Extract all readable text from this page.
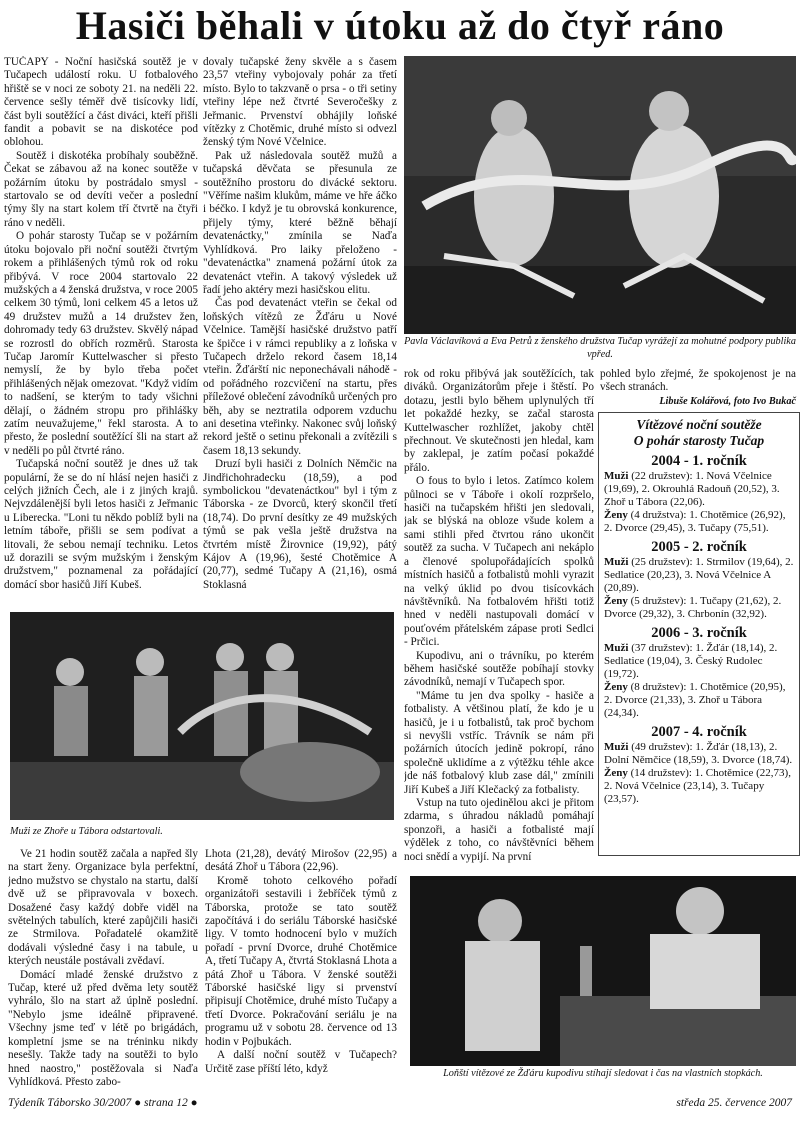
Hasiči běhali v útoku až do čtyř ráno

TUČAPY - Noční hasičská soutěž je v Tučapech událostí roku. U fotbalového hřiště se v noci ze soboty 21. na neděli 22. července sešly téměř dvě tisícovky lidí, část byli soutěžící a část diváci, kteří přišli fandit a pobavit se na diskotéce pod oblohou.

Soutěž i diskotéka probíhaly souběžně. Čekat se zábavou až na konec soutěže v požárním útoku by postrádalo smysl - startovalo se od devíti večer a poslední týmy šly na start kolem tří čtvrtě na čtyři ráno v neděli.

O pohár starosty Tučap se v požárním útoku bojovalo při noční soutěži čtvrtým rokem a přihlášených týmů rok od roku přibývá. V roce 2004 startovalo 22 mužských a 4 ženská družstva, v roce 2005 celkem 30 týmů, loni celkem 45 a letos už 49 družstev mužů a 14 družstev žen, dohromady tedy 63 družstev. Skvělý nápad se rozrostl do obřích rozměrů. Starosta Tučap Jaromír Kuttelwascher si přesto nemyslí, že by bylo třeba počet přihlášených nějak omezovat. "Když vidím to nadšení, se kterým to tady všichni dělají, o žádném stropu pro přihlášky zatím neuvažujeme," řekl starosta. A to přesto, že poslední soutěžící šli na start až v neděli po půl čtvrté ráno.

Tučapská noční soutěž je dnes už tak populární, že se do ní hlásí nejen hasiči z celých jižních Čech, ale i z jiných krajů. Nejvzdálenější byli letos hasiči z Jeřmanic u Liberecka. "Loni tu někdo poblíž byli na letním táboře, přišli se sem podívat a litovali, že sebou nemají techniku. Letos už dorazili se svým mužským i ženským družstvem," poznamenal za pořádající domácí sbor hasičů Jiří Kubeš.

dovaly tučapské ženy skvěle a s časem 23,57 vteřiny vybojovaly pohár za třetí místo. Bylo to takzvaně o prsa - o tři setiny vteřiny lépe než čtvrté Severočešky z Jeřmanic. Prvenství obhájily loňské vítězky z Chotěmic, druhé místo si odvezl ženský tým Nové Včelnice.

Pak už následovala soutěž mužů a tučapská děvčata se přesunula ze soutěžního prostoru do divácké sektoru. "Věříme našim klukům, máme ve hře áčko i béčko. I když je tu obrovská konkurence, přijely týmy, které běžně běhají devatenáctky," zmínila se Naďa Vyhlídková. Pro laiky přeloženo - "devatenáctka" znamená požární útok za devatenáct vteřin. A takový výsledek už řadí jeho aktéry mezi hasičskou elitu.

Čas pod devatenáct vteřin se čekal od loňských vítězů ze Žďáru u Nové Včelnice. Tamější hasičské družstvo patří ke špičce i v rámci republiky a z loňska v Tučapech drželo rekord časem 18,14 vteřin. Žďárští nic neponechávali náhodě - od pořádného rozcvičení na startu, přes příležové oblečení závodníků určených pro běh, aby se neztratila odporem vzduchu ani desetina vteřinky. Nakonec svůj loňský rekord ještě o setinu překonali a zvítězili s časem 18,13 sekundy.

Druzí byli hasiči z Dolních Němčic na Jindřichohradecku (18,59), a pod symbolickou "devatenáctkou" byl i tým z Táborska - ze Dvorců, který skončil třetí (18,74). Do první desítky ze 49 mužských týmů se pak vešla ještě družstva na čtvrtém místě Žirovnice (19,92), pátý Kájov A (19,96), šesté Chotěmice A (20,77), sedmé Tučapy A (21,16), osmá Stoklasná

Pavla Václavíková a Eva Petrů z ženského družstva Tučap vyrážejí za mohutné podpory publika vpřed.

rok od roku přibývá jak soutěžících, tak diváků. Organizátorům přeje i štěstí. Po dotazu, jestli bylo během uplynulých tří let pokaždé hezky, se začal starosta Kuttelwascher rozhlížet, jakoby chtěl přechnout. Ve skutečnosti jen hledal, kam by zaklepal, je zatím počasí pokaždé přálo.

O fous to bylo i letos. Zatímco kolem půlnoci se v Táboře i okolí rozpršelo, hasiči na tučapském hřišti jen sledovali, jak se blýská na obloze všude kolem a sami stihli před čtvrtou ráno ukončit soutěž za sucha. V Tučapech ani nekáplo a členové spolupořádajících spolků místních hasičů a fotbalistů mohli vyrazit na velký úklid po dvou tisícovkách návštěvníků. Na fotbalovém hřišti totiž hned v neděli nastupovali domácí v pouťovém přátelském zápase proti Sedlci - Prčici.

Kupodivu, ani o trávníku, po kterém během hasičské soutěže pobíhají stovky závodníků, nemají v Tučapech spor.

"Máme tu jen dva spolky - hasiče a fotbalisty. A většinou platí, že kdo je u hasičů, je i u fotbalistů, tak proč bychom si nevyšli vstříc. Trávník se nám při požárních útocích jedině pokropí, ráno společně uklidíme a z výtěžku téhle akce jde náš fotbalový klub zase dál," zmínili Jiří Kubeš a Jiří Klečacký za fotbalisty.

Vstup na tuto ojedinělou akci je přitom zdarma, s úhradou nákladů pomáhají sponzoři, a hasiči a fotbalisté mají výdělek z toho, co návštěvníci během noci snědí a vypijí. Na první

pohled bylo zřejmé, že spokojenost je na všech stranách.

Libuše Kolářová, foto Ivo Bukač
Vítězové noční soutěže
O pohár starosty Tučap
2004 - 1. ročník

Muži (22 družstev): 1. Nová Včelnice (19,69), 2. Okrouhlá Radouň (20,52), 3. Zhoř u Tábora (22,06).

Ženy (4 družstva): 1. Chotěmice (26,92), 2. Dvorce (29,45), 3. Tučapy (75,51).

2005 - 2. ročník

Muži (25 družstev): 1. Strmilov (19,64), 2. Sedlatice (20,23), 3. Nová Včelnice A (20,89).

Ženy (5 družstev): 1. Tučapy (21,62), 2. Dvorce (29,32), 3. Chrbonín (32,92).

2006 - 3. ročník

Muži (37 družstev): 1. Žďár (18,14), 2. Sedlatice (19,04), 3. Český Rudolec (19,72).

Ženy (8 družstev): 1. Chotěmice (20,95), 2. Dvorce (21,33), 3. Zhoř u Tábora (24,34).

2007 - 4. ročník

Muži (49 družstev): 1. Žďár (18,13), 2. Dolní Němčice (18,59), 3. Dvorce (18,74).

Ženy (14 družstev): 1. Chotěmice (22,73), 2. Nová Včelnice (23,14), 3. Tučapy (23,57).

Muži ze Zhoře u Tábora odstartovali.

Ve 21 hodin soutěž začala a napřed šly na start ženy. Organizace byla perfektní, jedno mužstvo se chystalo na startu, další dvě už se připravovala v boxech. Dosažené časy každý dobře viděl na světelných tabulích, které zapůjčili hasiči ze Strmilova. Pořadatelé okamžitě dodávali výsledné časy i na tabule, u kterých neustále postávali zvědaví.

Domácí mladé ženské družstvo z Tučap, které už před dvěma lety soutěž vyhrálo, šlo na start až úplně poslední. "Nebylo jsme ideálně připravené. Všechny jsme teď v létě po brigádách, kompletní jsme se na tréninku nikdy nesešly. Takže tady na soutěži to bylo hned naostro," postěžovala si Naďa Vyhlídková. Přesto zabo-

Lhota (21,28), devátý Mirošov (22,95) a desátá Zhoř u Tábora (22,96).

Kromě tohoto celkového pořadí organizátoři sestavili i žebříček týmů z Táborska, protože se tato soutěž započítává i do seriálu Táborské hasičské ligy. V tomto hodnocení bylo v mužích pořadí - první Dvorce, druhé Chotěmice A, třetí Tučapy A, čtvrtá Stoklasná Lhota a pátá Zhoř u Tábora. V ženské soutěži Táborské hasičské ligy si prvenství připisují Chotěmice, druhé místo Tučapy a třetí Dvorce. Pokračování seriálu je na programu už v sobotu 28. července od 13 hodin v Pojbukách.

A další noční soutěž v Tučapech? Určitě zase příští léto, když	Loňští vítězové ze Žďáru kupodivu stíhají sledovat i čas na vlastních stopkách.
Týdeník Táborsko 30/2007 ● strana 12 ●	středa 25. července 2007
